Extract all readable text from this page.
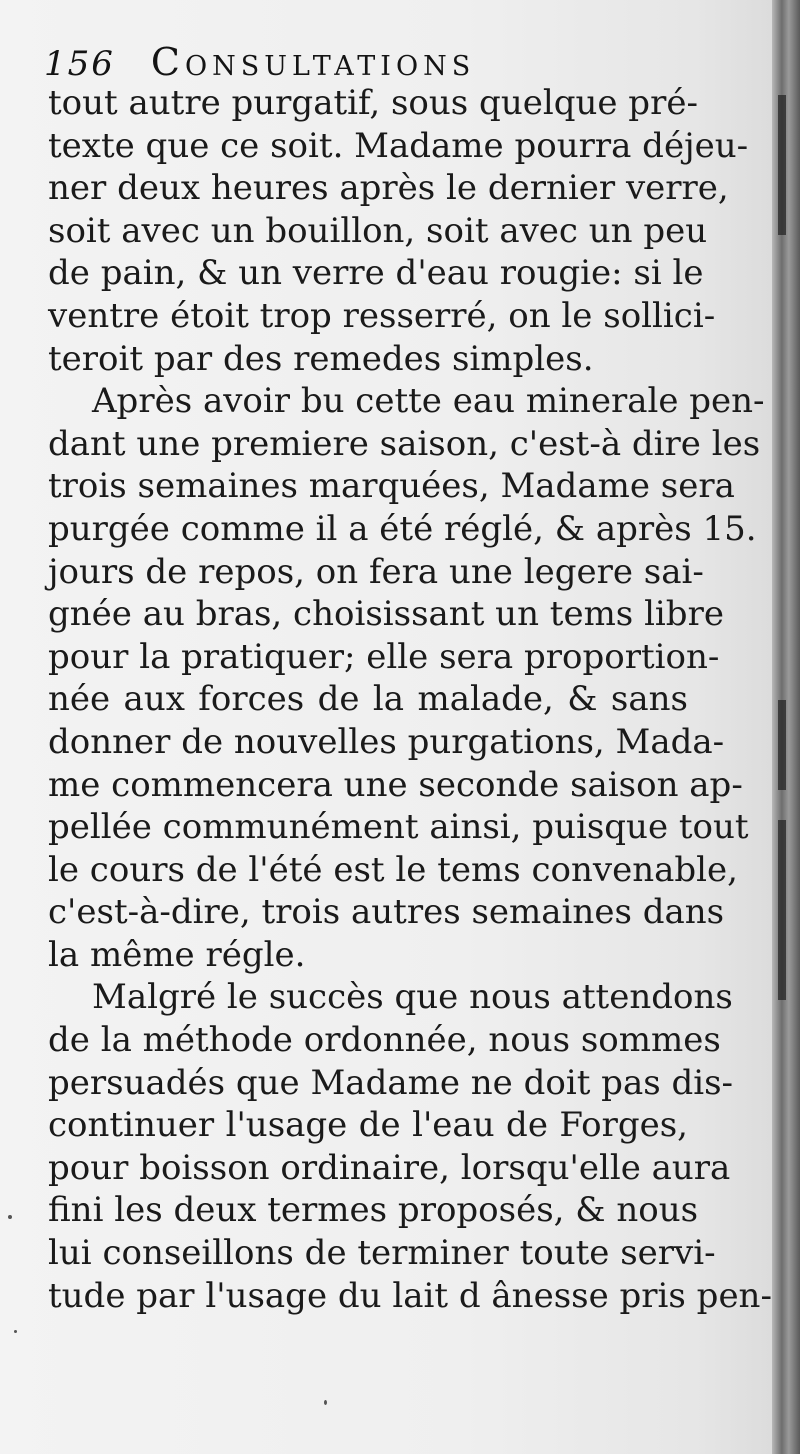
156 Consultations
tout autre purgatif, sous quelque pré-
texte que ce soit. Madame pourra déjeu-
ner deux heures après le dernier verre,
soit avec un bouillon, soit avec un peu
de pain, & un verre d'eau rougie: si le
ventre étoit trop resserré, on le sollici-
teroit par des remedes simples.
Après avoir bu cette eau minerale pen-
dant une premiere saison, c'est-à dire les
trois semaines marquées, Madame sera
purgée comme il a été réglé, & après 15.
jours de repos, on fera une legere sai-
gnée au bras, choisissant un tems libre
pour la pratiquer; elle sera proportion-
née aux forces de la malade, & sans
donner de nouvelles purgations, Mada-
me commencera une seconde saison ap-
pellée communément ainsi, puisque tout
le cours de l'été est le tems convenable,
c'est-à-dire, trois autres semaines dans
la même régle.
Malgré le succès que nous attendons
de la méthode ordonnée, nous sommes
persuadés que Madame ne doit pas dis-
continuer l'usage de l'eau de Forges,
pour boisson ordinaire, lorsqu'elle aura
fini les deux termes proposés, & nous
lui conseillons de terminer toute servi-
tude par l'usage du lait d ânesse pris pen-
